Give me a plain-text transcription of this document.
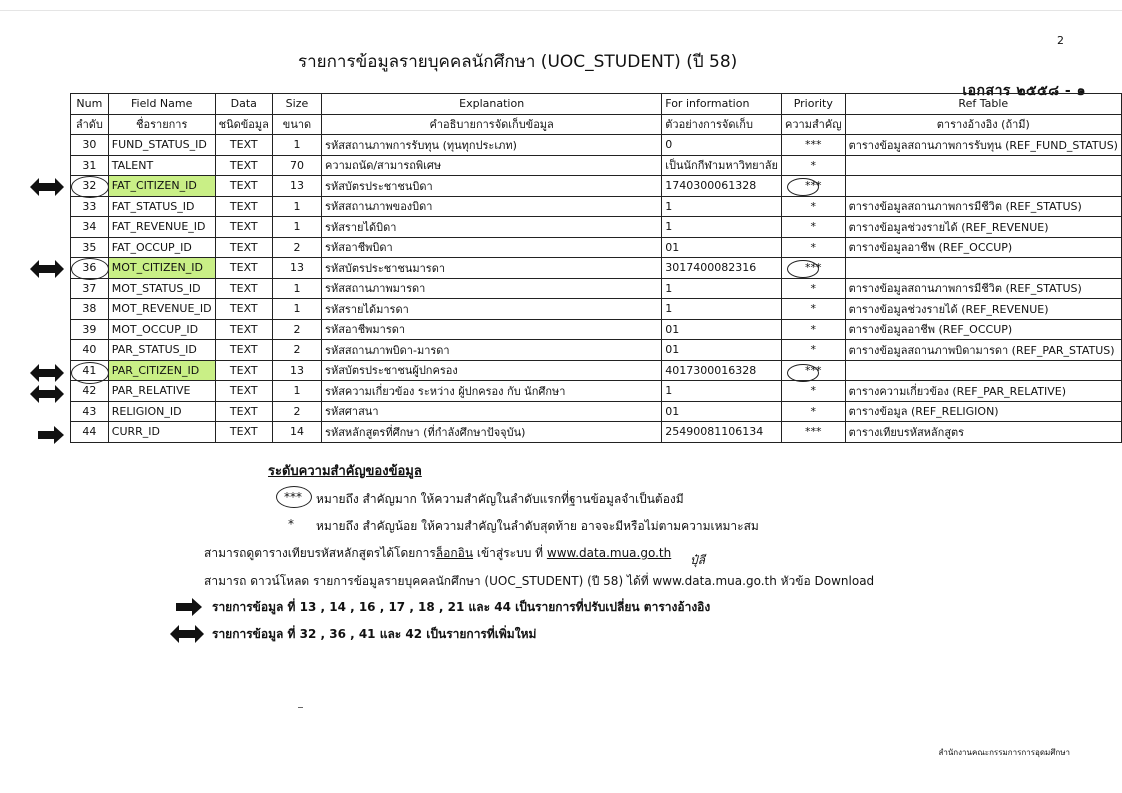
2
รายการข้อมูลรายบุคคลนักศึกษา (UOC_STUDENT) (ปี 58)
เอกสาร ๒๕๕๘ - ๑
Num	Field Name	Data	Size	Explanation	For information	Priority	Ref Table
ลำดับ	ชื่อรายการ	ชนิดข้อมูล	ขนาด	คำอธิบายการจัดเก็บข้อมูล	ตัวอย่างการจัดเก็บ	ความสำคัญ	ตารางอ้างอิง (ถ้ามี)
30	FUND_STATUS_ID	TEXT	1	รหัสสถานภาพการรับทุน (ทุนทุกประเภท)	0	***	ตารางข้อมูลสถานภาพการรับทุน (REF_FUND_STATUS)
31	TALENT	TEXT	70	ความถนัด/สามารถพิเศษ	เป็นนักกีฬามหาวิทยาลัย	*	
32	FAT_CITIZEN_ID	TEXT	13	รหัสบัตรประชาชนบิดา	1740300061328	***	
33	FAT_STATUS_ID	TEXT	1	รหัสสถานภาพของบิดา	1	*	ตารางข้อมูลสถานภาพการมีชีวิต (REF_STATUS)
34	FAT_REVENUE_ID	TEXT	1	รหัสรายได้บิดา	1	*	ตารางข้อมูลช่วงรายได้ (REF_REVENUE)
35	FAT_OCCUP_ID	TEXT	2	รหัสอาชีพบิดา	01	*	ตารางข้อมูลอาชีพ (REF_OCCUP)
36	MOT_CITIZEN_ID	TEXT	13	รหัสบัตรประชาชนมารดา	3017400082316	***	
37	MOT_STATUS_ID	TEXT	1	รหัสสถานภาพมารดา	1	*	ตารางข้อมูลสถานภาพการมีชีวิต (REF_STATUS)
38	MOT_REVENUE_ID	TEXT	1	รหัสรายได้มารดา	1	*	ตารางข้อมูลช่วงรายได้ (REF_REVENUE)
39	MOT_OCCUP_ID	TEXT	2	รหัสอาชีพมารดา	01	*	ตารางข้อมูลอาชีพ (REF_OCCUP)
40	PAR_STATUS_ID	TEXT	2	รหัสสถานภาพบิดา-มารดา	01	*	ตารางข้อมูลสถานภาพบิดามารดา (REF_PAR_STATUS)
41	PAR_CITIZEN_ID	TEXT	13	รหัสบัตรประชาชนผู้ปกครอง	4017300016328	***	
42	PAR_RELATIVE	TEXT	1	รหัสความเกี่ยวข้อง ระหว่าง ผู้ปกครอง กับ นักศึกษา	1	*	ตารางความเกี่ยวข้อง (REF_PAR_RELATIVE)
43	RELIGION_ID	TEXT	2	รหัสศาสนา	01	*	ตารางข้อมูล (REF_RELIGION)
44	CURR_ID	TEXT	14	รหัสหลักสูตรที่ศึกษา (ที่กำลังศึกษาปัจจุบัน)	25490081106134	***	ตารางเทียบรหัสหลักสูตร
ระดับความสำคัญของข้อมูล
*** หมายถึง สำคัญมาก ให้ความสำคัญในลำดับแรกที่ฐานข้อมูลจำเป็นต้องมี
* หมายถึง สำคัญน้อย ให้ความสำคัญในลำดับสุดท้าย อาจจะมีหรือไม่ตามความเหมาะสม
สามารถดูตารางเทียบรหัสหลักสูตรได้โดยการล็อกอิน เข้าสู่ระบบ ที่ www.data.mua.go.th
สามารถ ดาวน์โหลด รายการข้อมูลรายบุคคลนักศึกษา (UOC_STUDENT) (ปี 58) ได้ที่ www.data.mua.go.th หัวข้อ Download
รายการข้อมูล ที่ 13 , 14 , 16 , 17 , 18 , 21 และ 44 เป็นรายการที่ปรับเปลี่ยน ตารางอ้างอิง
รายการข้อมูล ที่ 32 , 36 , 41 และ 42 เป็นรายการที่เพิ่มใหม่
ปุ๋ลี
สำนักงานคณะกรรมการการอุดมศึกษา
